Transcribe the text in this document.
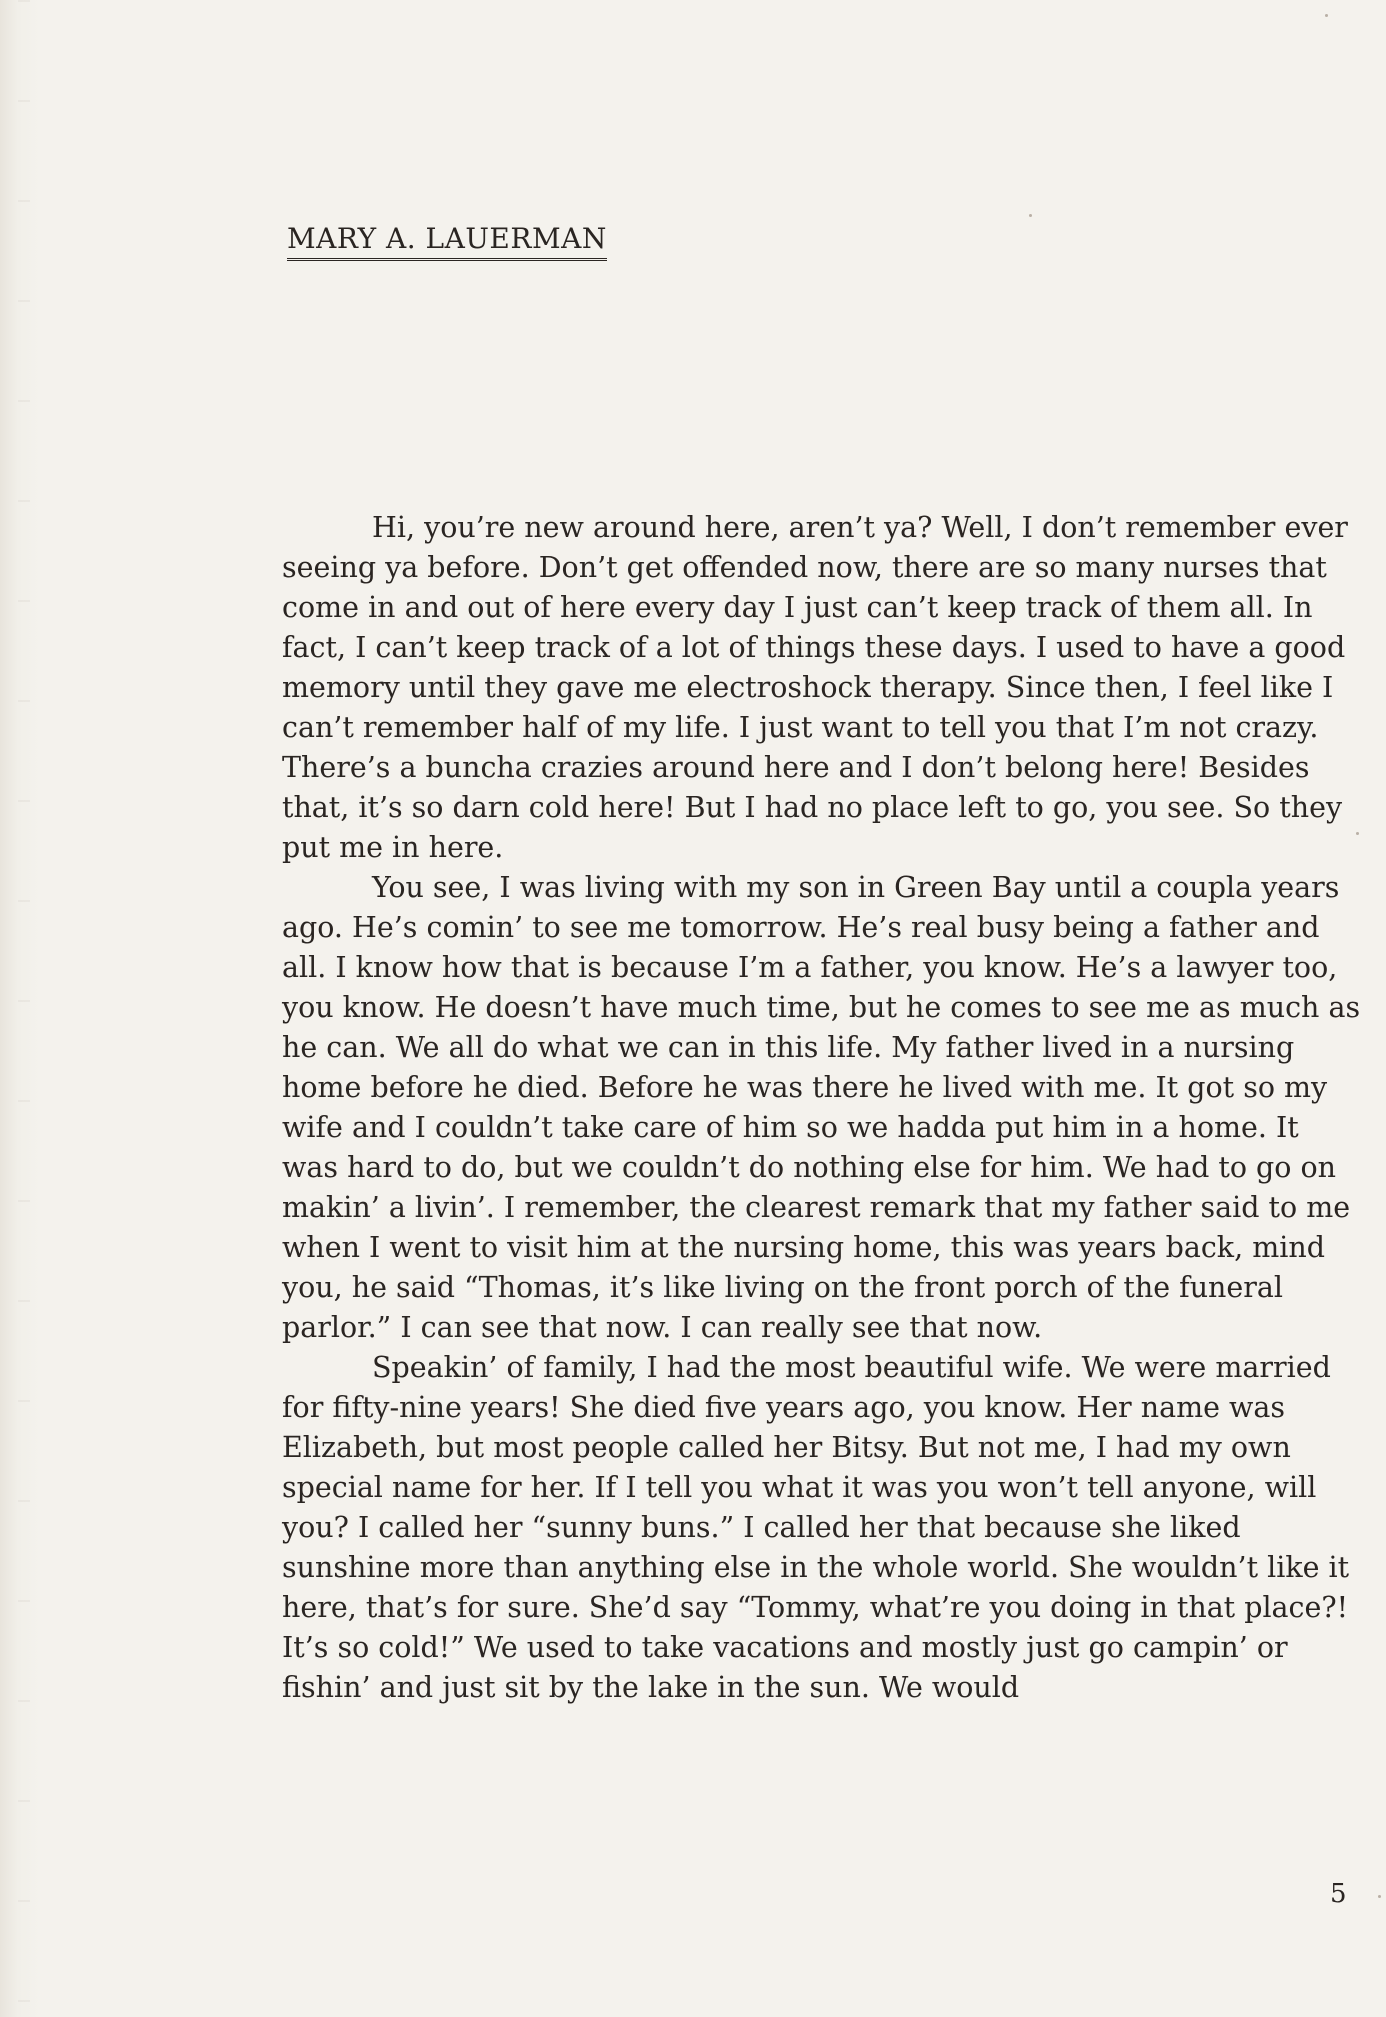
MARY A. LAUERMAN

Hi, you’re new around here, aren’t ya? Well, I don’t remember ever seeing ya before. Don’t get offended now, there are so many nurses that come in and out of here every day I just can’t keep track of them all. In fact, I can’t keep track of a lot of things these days. I used to have a good memory until they gave me electroshock therapy. Since then, I feel like I can’t remember half of my life. I just want to tell you that I’m not crazy. There’s a buncha crazies around here and I don’t belong here! Besides that, it’s so darn cold here! But I had no place left to go, you see. So they put me in here.

You see, I was living with my son in Green Bay until a coupla years ago. He’s comin’ to see me tomorrow. He’s real busy being a father and all. I know how that is because I’m a father, you know. He’s a lawyer too, you know. He doesn’t have much time, but he comes to see me as much as he can. We all do what we can in this life. My father lived in a nursing home before he died. Before he was there he lived with me. It got so my wife and I couldn’t take care of him so we hadda put him in a home. It was hard to do, but we couldn’t do nothing else for him. We had to go on makin’ a livin’. I remember, the clearest remark that my father said to me when I went to visit him at the nursing home, this was years back, mind you, he said “Thomas, it’s like living on the front porch of the funeral parlor.” I can see that now. I can really see that now.

Speakin’ of family, I had the most beautiful wife. We were married for fifty-nine years! She died five years ago, you know. Her name was Elizabeth, but most people called her Bitsy. But not me, I had my own special name for her. If I tell you what it was you won’t tell anyone, will you? I called her “sunny buns.” I called her that because she liked sunshine more than anything else in the whole world. She wouldn’t like it here, that’s for sure. She’d say “Tommy, what’re you doing in that place?! It’s so cold!” We used to take vacations and mostly just go campin’ or fishin’ and just sit by the lake in the sun. We would

5
